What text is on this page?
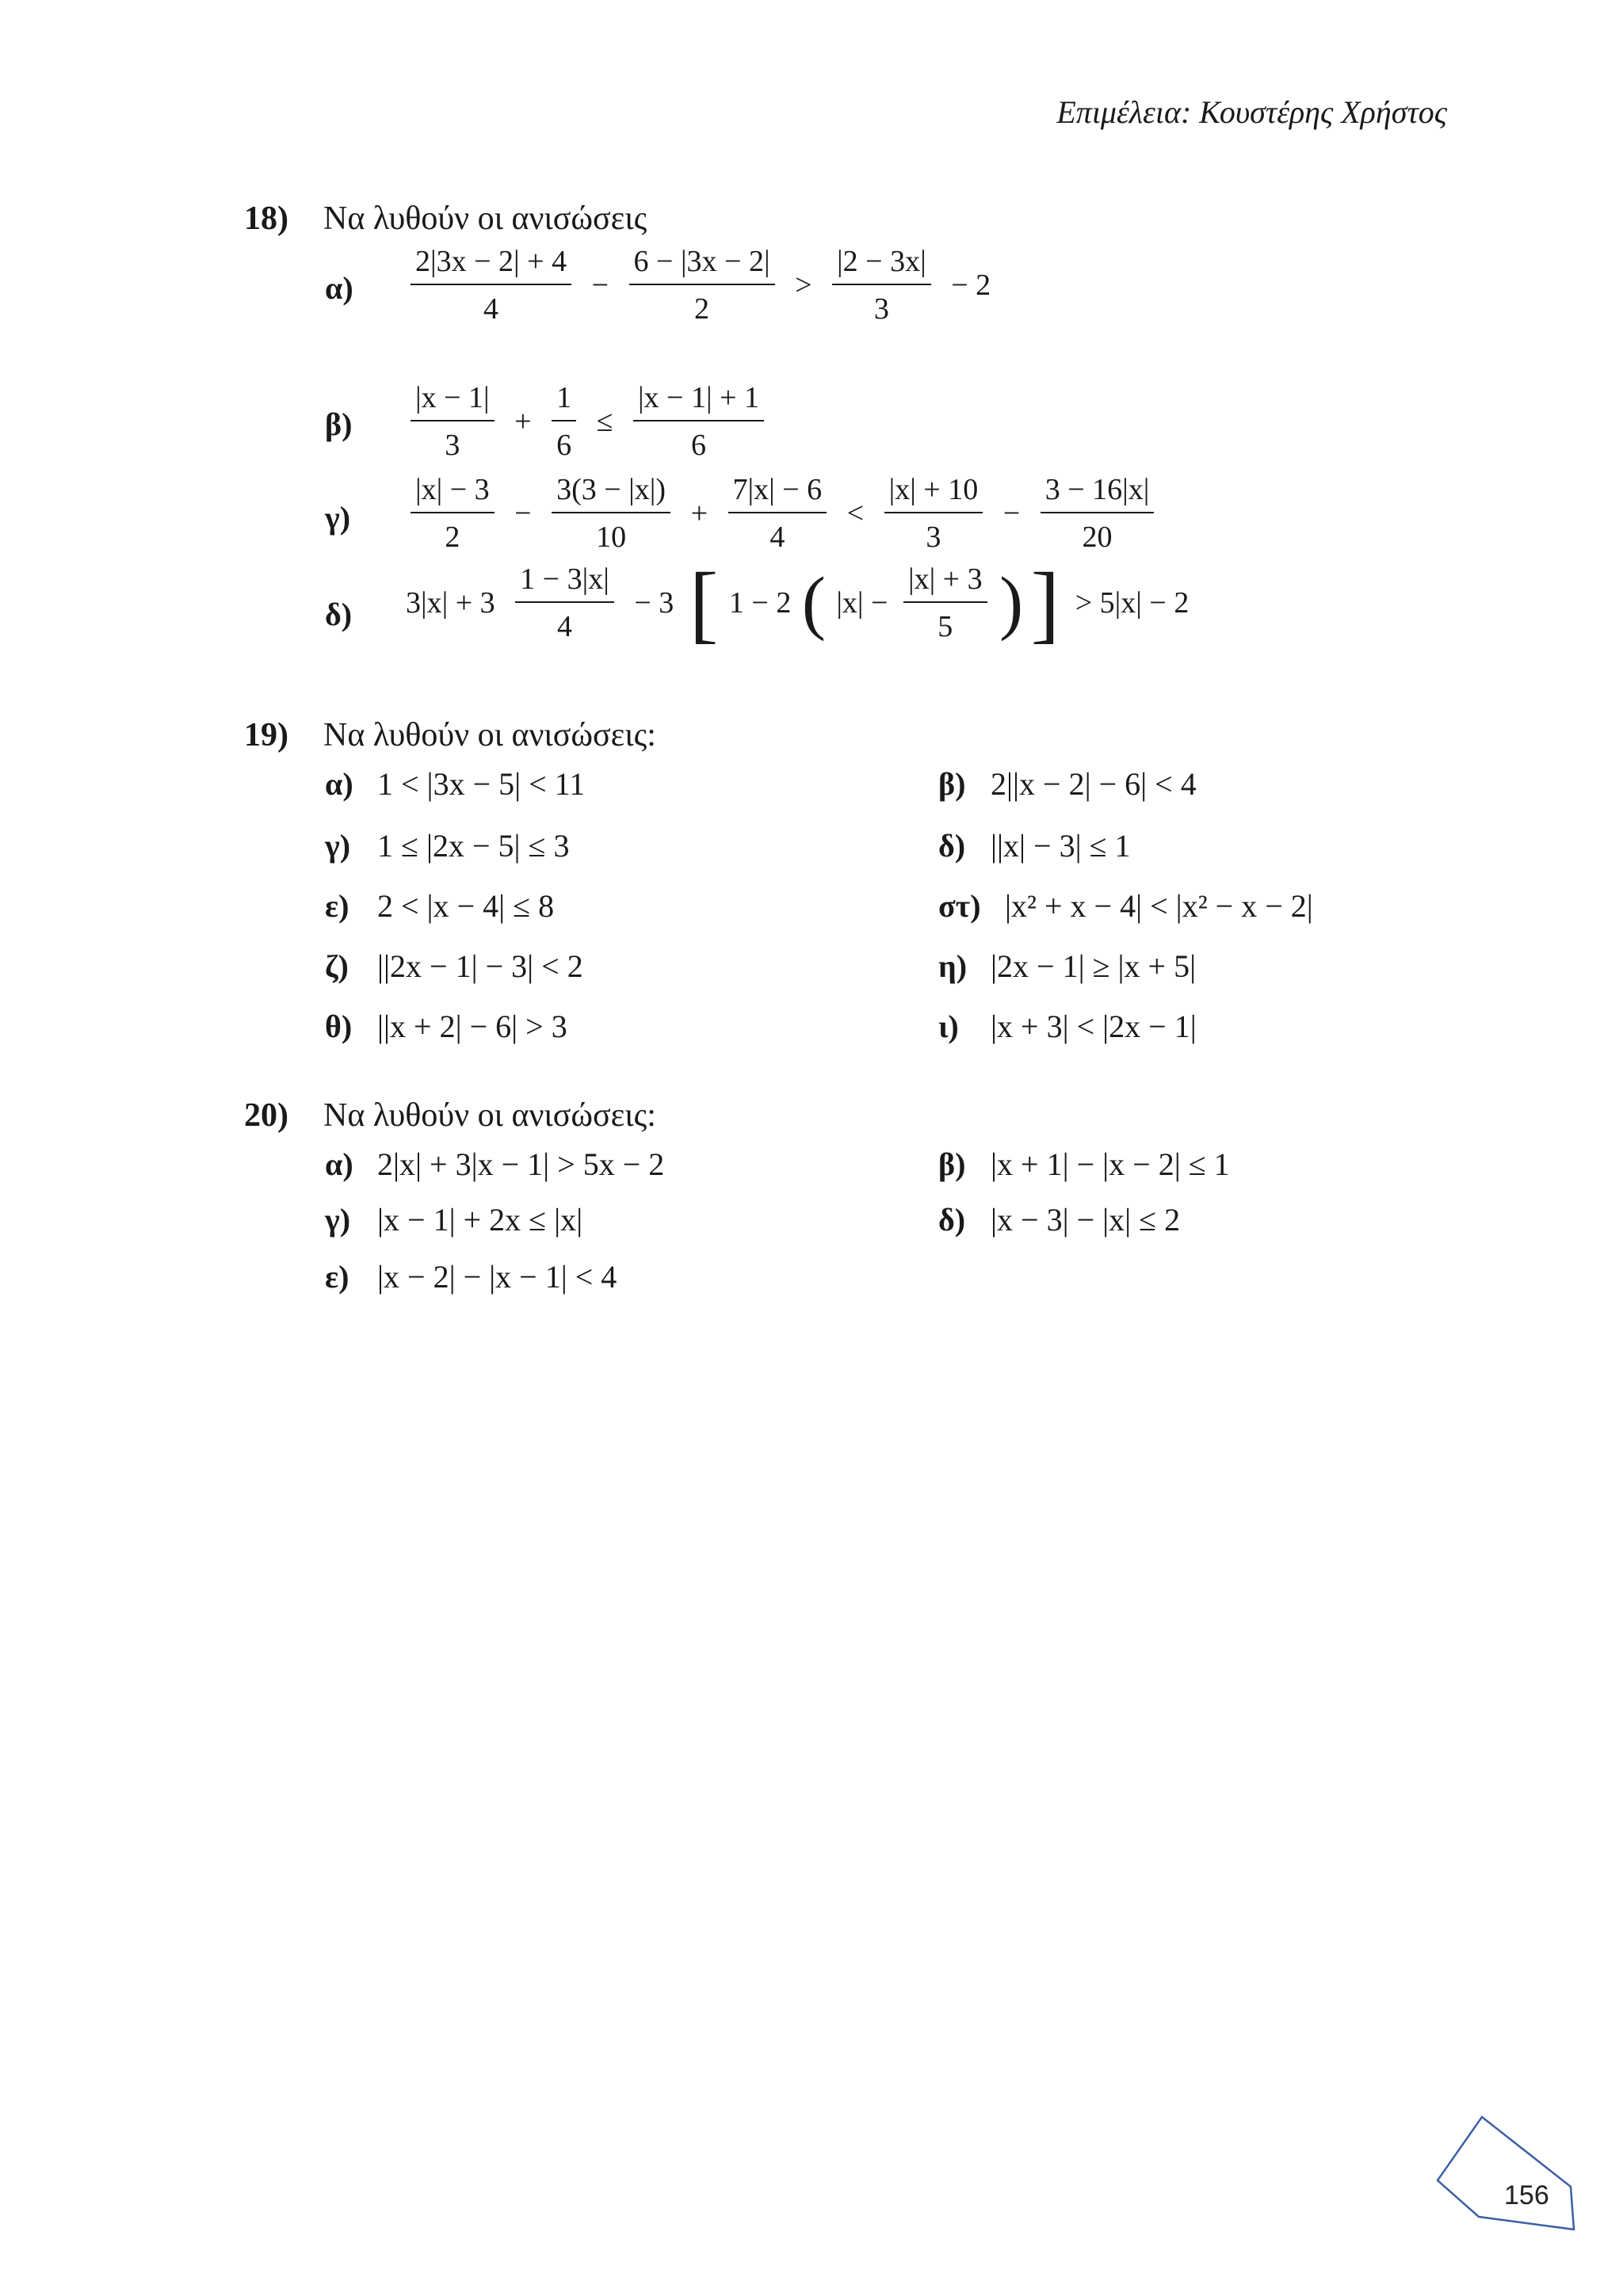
Επιμέλεια: Κουστέρης Χρήστος
18) Να λυθούν οι ανισώσεις
α)	$\frac{2|3x - 2| + 4}{4} - \frac{6 - |3x - 2|}{2} > \frac{|2 - 3x|}{3} - 2$
β)	$\frac{|x - 1|}{3} + \frac{1}{6} \le \frac{|x - 1| + 1}{6}$
γ)	$\frac{|x| - 3}{2} - \frac{3(3 - |x|)}{10} + \frac{7|x| - 6}{4} < \frac{|x| + 10}{3} - \frac{3 - 16|x|}{20}$
δ)	$3|x| + 3 \frac{1 - 3|x|}{4} - 3$ [ 1 − 2 ( $|x| - \frac{|x| + 3}{5}$ ) ] > 5|x| − 2
19) Να λυθούν οι ανισώσεις:
α) 1 < |3x − 5| < 11	β) 2||x − 2| − 6| < 4
γ) 1 ≤ |2x − 5| ≤ 3	δ) ||x| − 3| ≤ 1
ε) 2 < |x − 4| ≤ 8	στ) |x² + x − 4| < |x² − x − 2|
ζ) ||2x − 1| − 3| < 2	η) |2x − 1| ≥ |x + 5|
θ) ||x + 2| − 6| > 3	ι) |x + 3| < |2x − 1|
20) Να λυθούν οι ανισώσεις:
α) 2|x| + 3|x − 1| > 5x − 2	β) |x + 1| − |x − 2| ≤ 1
γ) |x − 1| + 2x ≤ |x|	δ) |x − 3| − |x| ≤ 2
ε) |x − 2| − |x − 1| < 4
156
